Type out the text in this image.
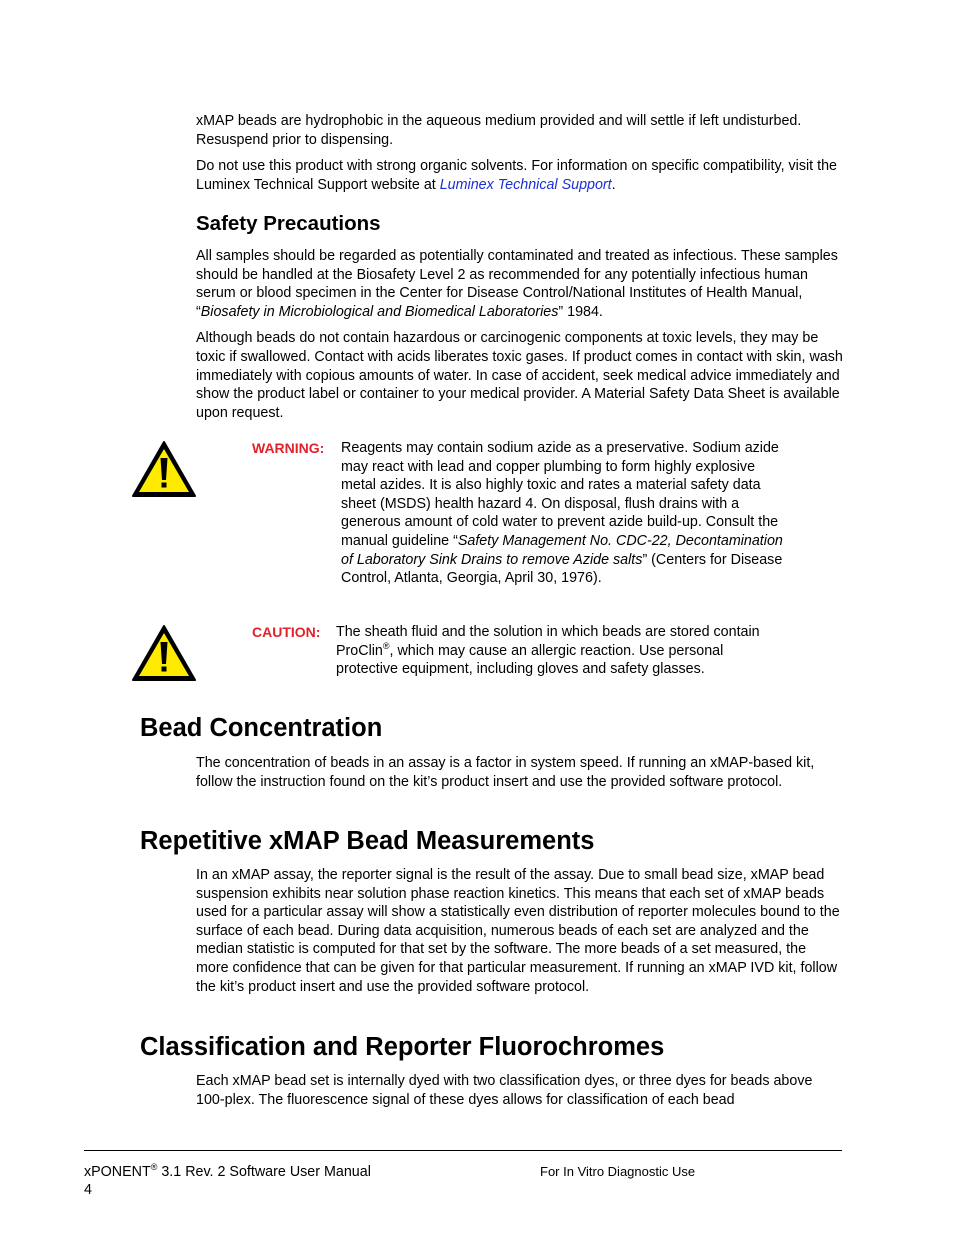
xMAP beads are hydrophobic in the aqueous medium provided and will settle if left undisturbed. Resuspend prior to dispensing.

Do not use this product with strong organic solvents. For information on specific compatibility, visit the Luminex Technical Support website at Luminex Technical Support.

Safety Precautions

All samples should be regarded as potentially contaminated and treated as infectious. These samples should be handled at the Biosafety Level 2 as recommended for any potentially infectious human serum or blood specimen in the Center for Disease Control/National Institutes of Health Manual, “Biosafety in Microbiological and Biomedical Laboratories” 1984.

Although beads do not contain hazardous or carcinogenic components at toxic levels, they may be toxic if swallowed. Contact with acids liberates toxic gases. If product comes in contact with skin, wash immediately with copious amounts of water. In case of accident, seek medical advice immediately and show the product label or container to your medical provider. A Material Safety Data Sheet is available upon request.

WARNING: Reagents may contain sodium azide as a preservative. Sodium azide may react with lead and copper plumbing to form highly explosive metal azides. It is also highly toxic and rates a material safety data sheet (MSDS) health hazard 4. On disposal, flush drains with a generous amount of cold water to prevent azide build-up. Consult the manual guideline “Safety Management No. CDC-22, Decontamination of Laboratory Sink Drains to remove Azide salts” (Centers for Disease Control, Atlanta, Georgia, April 30, 1976).
CAUTION: The sheath fluid and the solution in which beads are stored contain ProClin®, which may cause an allergic reaction. Use personal protective equipment, including gloves and safety glasses.
Bead Concentration
The concentration of beads in an assay is a factor in system speed. If running an xMAP-based kit, follow the instruction found on the kit’s product insert and use the provided software protocol.
Repetitive xMAP Bead Measurements
In an xMAP assay, the reporter signal is the result of the assay. Due to small bead size, xMAP bead suspension exhibits near solution phase reaction kinetics. This means that each set of xMAP beads used for a particular assay will show a statistically even distribution of reporter molecules bound to the surface of each bead. During data acquisition, numerous beads of each set are analyzed and the median statistic is computed for that set by the software. The more beads of a set measured, the more confidence that can be given for that particular measurement. If running an xMAP IVD kit, follow the kit’s product insert and use the provided software protocol.
Classification and Reporter Fluorochromes
Each xMAP bead set is internally dyed with two classification dyes, or three dyes for beads above 100-plex. The fluorescence signal of these dyes allows for classification of each bead
xPONENT® 3.1 Rev. 2 Software User Manual
4
For In Vitro Diagnostic Use
